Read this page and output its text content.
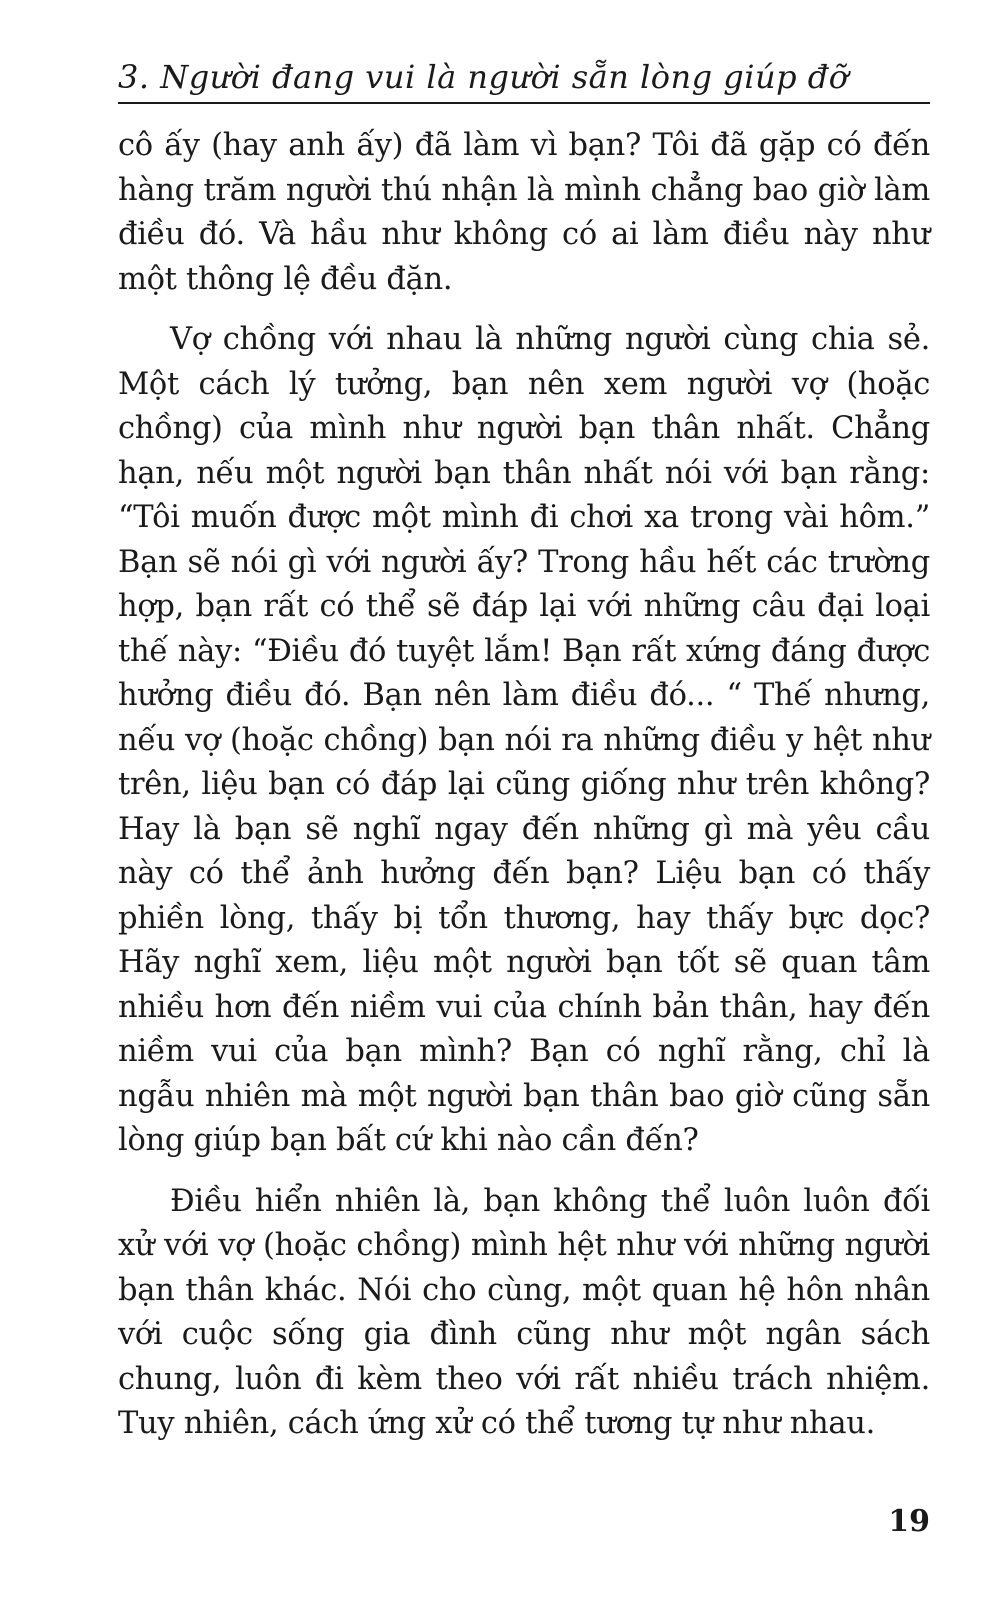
3. Người đang vui là người sẵn lòng giúp đỡ

cô ấy (hay anh ấy) đã làm vì bạn? Tôi đã gặp có đến hàng trăm người thú nhận là mình chẳng bao giờ làm điều đó. Và hầu như không có ai làm điều này như một thông lệ đều đặn.

Vợ chồng với nhau là những người cùng chia sẻ. Một cách lý tưởng, bạn nên xem người vợ (hoặc chồng) của mình như người bạn thân nhất. Chẳng hạn, nếu một người bạn thân nhất nói với bạn rằng: “Tôi muốn được một mình đi chơi xa trong vài hôm.” Bạn sẽ nói gì với người ấy? Trong hầu hết các trường hợp, bạn rất có thể sẽ đáp lại với những câu đại loại thế này: “Điều đó tuyệt lắm! Bạn rất xứng đáng được hưởng điều đó. Bạn nên làm điều đó... “ Thế nhưng, nếu vợ (hoặc chồng) bạn nói ra những điều y hệt như trên, liệu bạn có đáp lại cũng giống như trên không? Hay là bạn sẽ nghĩ ngay đến những gì mà yêu cầu này có thể ảnh hưởng đến bạn? Liệu bạn có thấy phiền lòng, thấy bị tổn thương, hay thấy bực dọc? Hãy nghĩ xem, liệu một người bạn tốt sẽ quan tâm nhiều hơn đến niềm vui của chính bản thân, hay đến niềm vui của bạn mình? Bạn có nghĩ rằng, chỉ là ngẫu nhiên mà một người bạn thân bao giờ cũng sẵn lòng giúp bạn bất cứ khi nào cần đến?

Điều hiển nhiên là, bạn không thể luôn luôn đối xử với vợ (hoặc chồng) mình hệt như với những người bạn thân khác. Nói cho cùng, một quan hệ hôn nhân với cuộc sống gia đình cũng như một ngân sách chung, luôn đi kèm theo với rất nhiều trách nhiệm. Tuy nhiên, cách ứng xử có thể tương tự như nhau.

19
